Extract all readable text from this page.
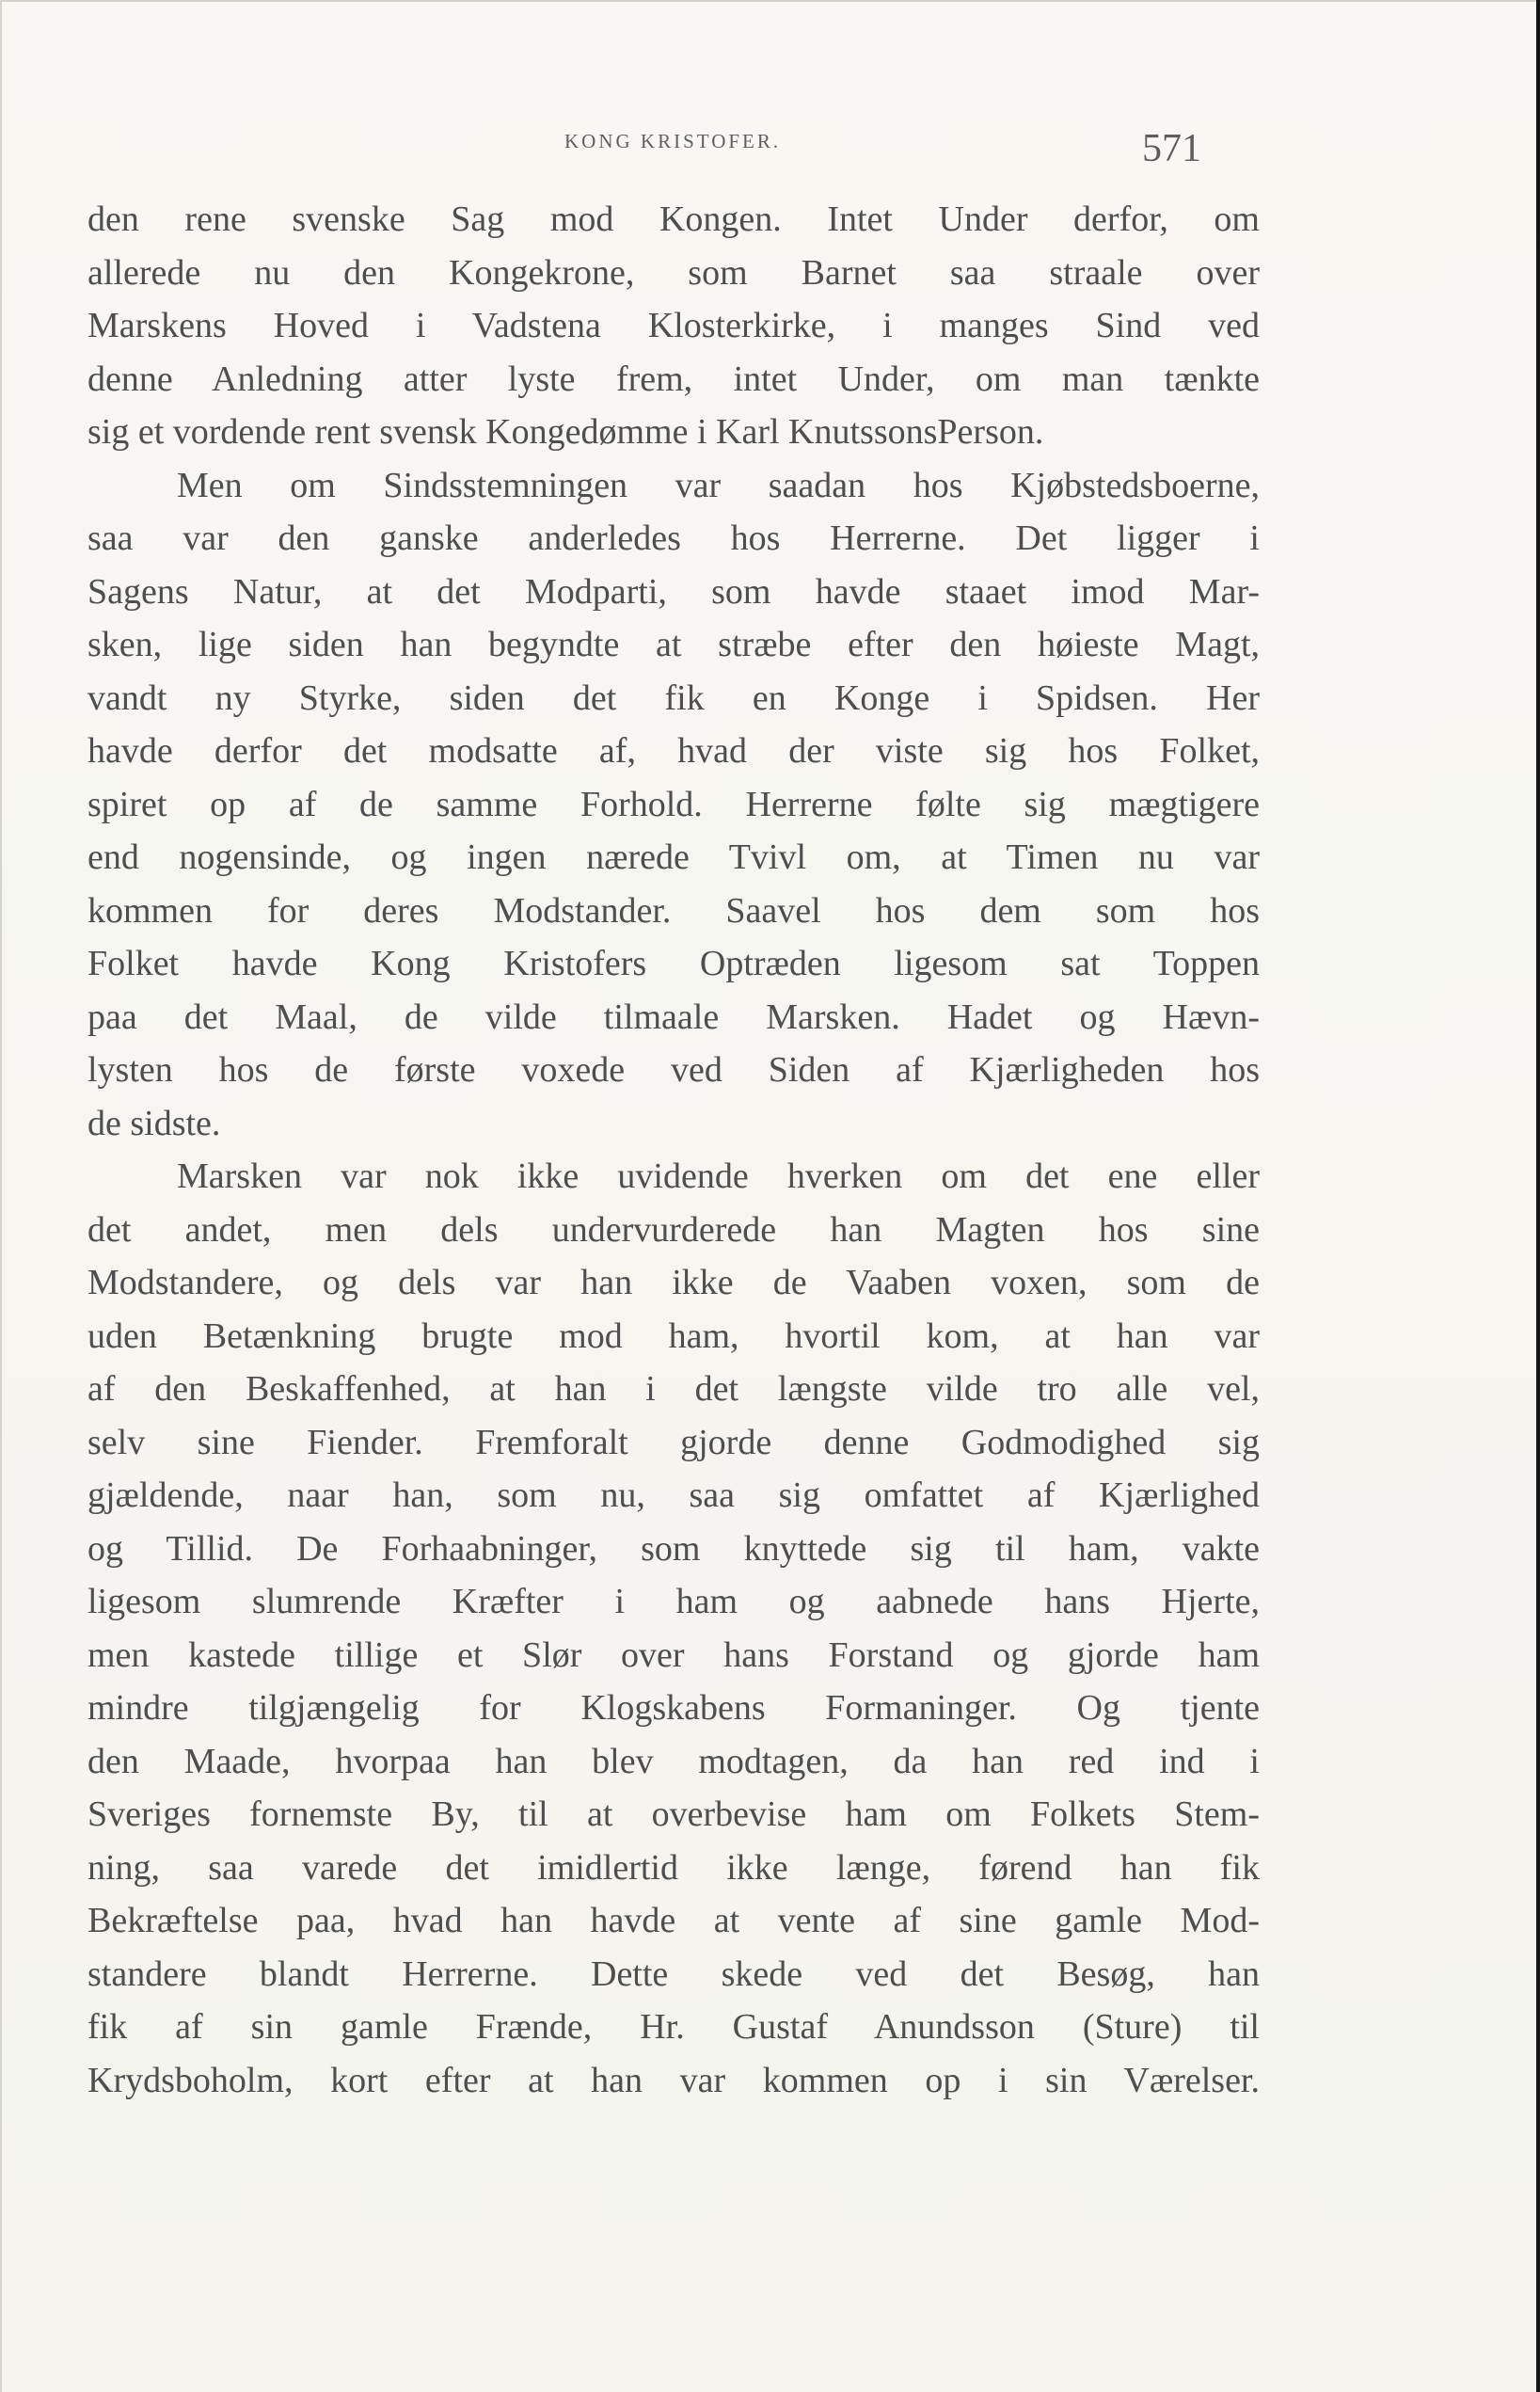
KONG KRISTOFER.	571
den rene svenske Sag mod Kongen. Intet Under derfor, om
allerede nu den Kongekrone, som Barnet saa straale over
Marskens Hoved i Vadstena Klosterkirke, i manges Sind ved
denne Anledning atter lyste frem, intet Under, om man tænkte
sig et vordende rent svensk Kongedømme i Karl KnutssonsPerson.
Men om Sindsstemningen var saadan hos Kjøbstedsboerne,
saa var den ganske anderledes hos Herrerne. Det ligger i
Sagens Natur, at det Modparti, som havde staaet imod Mar-
sken, lige siden han begyndte at stræbe efter den høieste Magt,
vandt ny Styrke, siden det fik en Konge i Spidsen. Her
havde derfor det modsatte af, hvad der viste sig hos Folket,
spiret op af de samme Forhold. Herrerne følte sig mægtigere
end nogensinde, og ingen nærede Tvivl om, at Timen nu var
kommen for deres Modstander. Saavel hos dem som hos
Folket havde Kong Kristofers Optræden ligesom sat Toppen
paa det Maal, de vilde tilmaale Marsken. Hadet og Hævn-
lysten hos de første voxede ved Siden af Kjærligheden hos
de sidste.
Marsken var nok ikke uvidende hverken om det ene eller
det andet, men dels undervurderede han Magten hos sine
Modstandere, og dels var han ikke de Vaaben voxen, som de
uden Betænkning brugte mod ham, hvortil kom, at han var
af den Beskaffenhed, at han i det længste vilde tro alle vel,
selv sine Fiender. Fremforalt gjorde denne Godmodighed sig
gjældende, naar han, som nu, saa sig omfattet af Kjærlighed
og Tillid. De Forhaabninger, som knyttede sig til ham, vakte
ligesom slumrende Kræfter i ham og aabnede hans Hjerte,
men kastede tillige et Slør over hans Forstand og gjorde ham
mindre tilgjængelig for Klogskabens Formaninger. Og tjente
den Maade, hvorpaa han blev modtagen, da han red ind i
Sveriges fornemste By, til at overbevise ham om Folkets Stem-
ning, saa varede det imidlertid ikke længe, førend han fik
Bekræftelse paa, hvad han havde at vente af sine gamle Mod-
standere blandt Herrerne. Dette skede ved det Besøg, han
fik af sin gamle Frænde, Hr. Gustaf Anundsson (Sture) til
Krydsboholm, kort efter at han var kommen op i sin Værelser.
